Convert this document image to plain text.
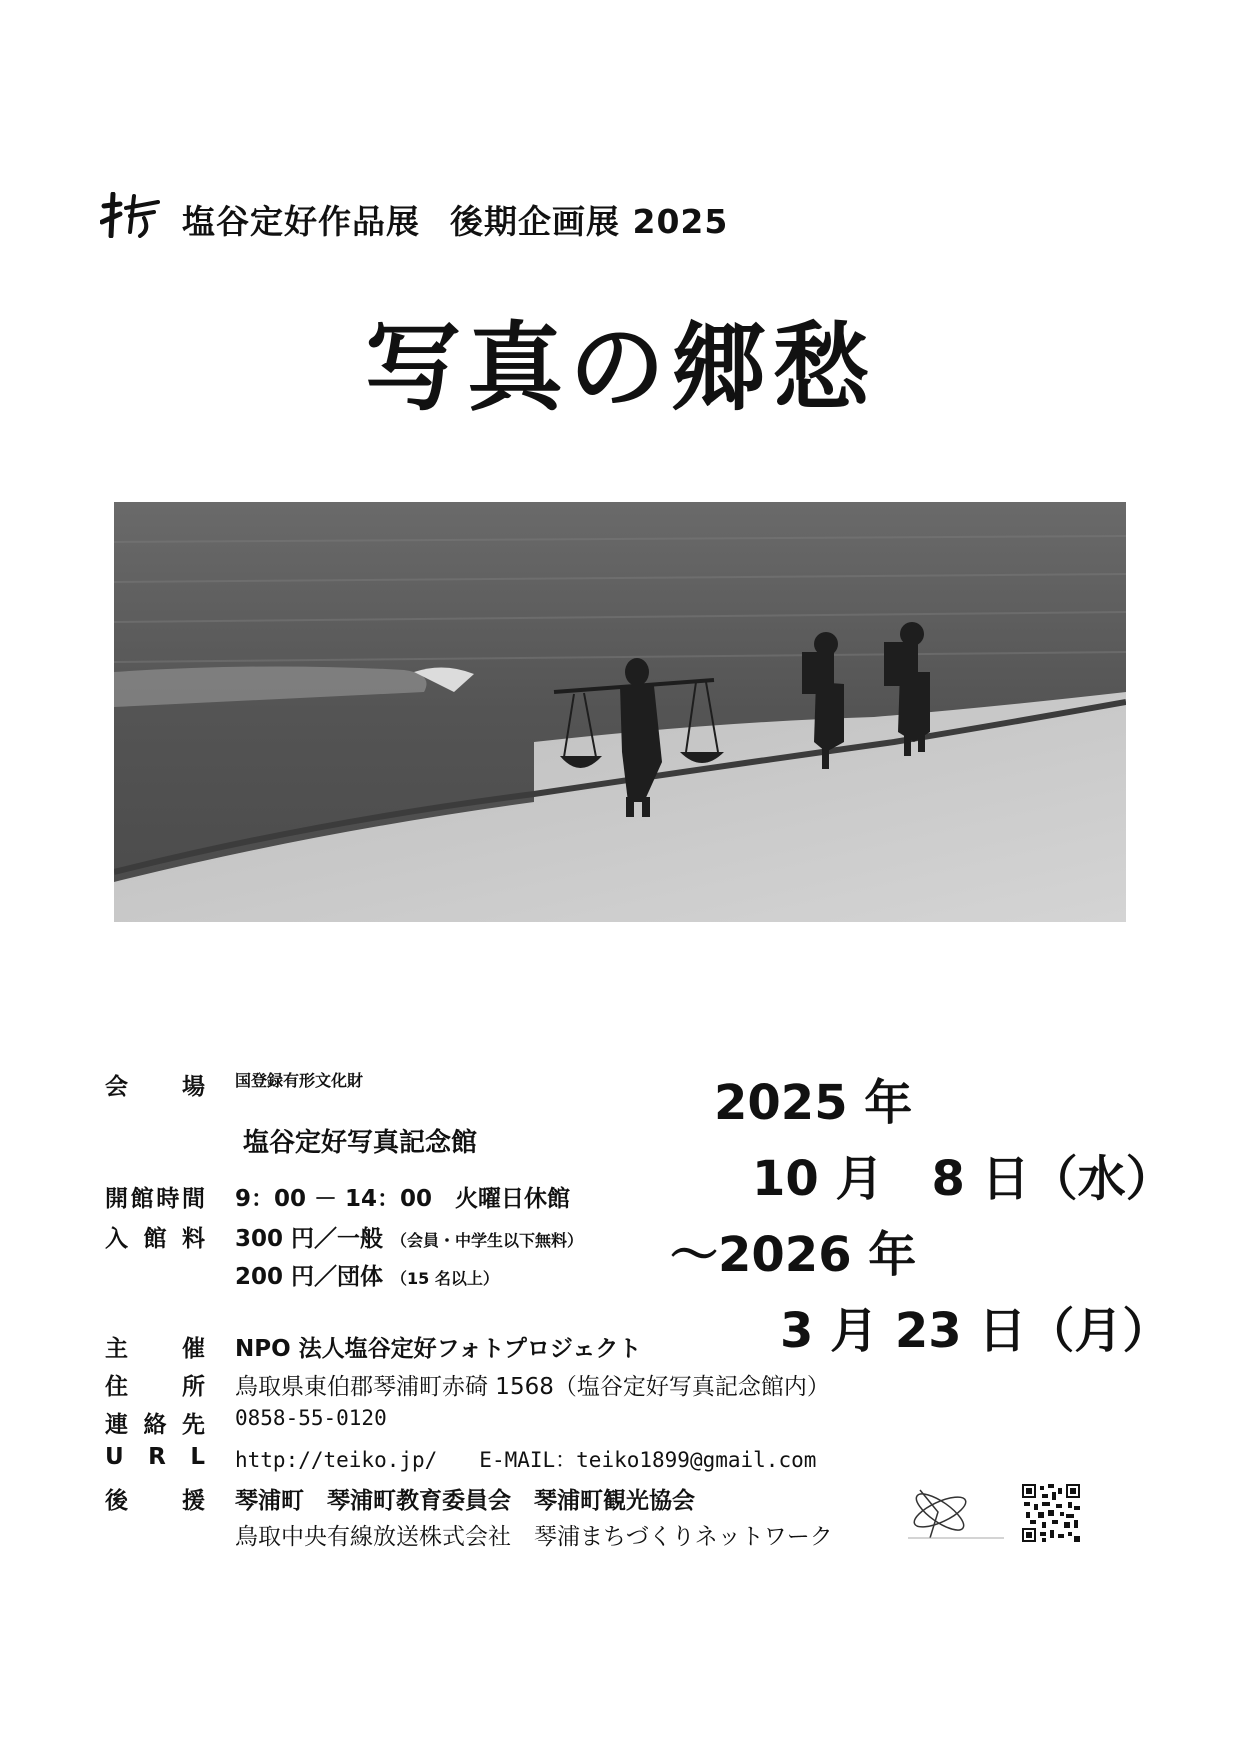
塩谷定好作品展 後期企画展 2025
写真の郷愁
会 場 国登録有形文化財
塩谷定好写真記念館
開 館 時 間 9：00 － 14：00　火曜日休館
入 館 料 300 円／一般 （会員・中学生以下無料）
200 円／団体 （15 名以上）
主 催 NPO 法人塩谷定好フォトプロジェクト
住 所 鳥取県東伯郡琴浦町赤碕 1568（塩谷定好写真記念館内）
連 絡 先 0858-55-0120
U R L http://teiko.jp/　　 E-MAIL：teiko1899@gmail.com
後 援 琴浦町　琴浦町教育委員会　琴浦町観光協会
鳥取中央有線放送株式会社　琴浦まちづくりネットワーク
2025 年
10 月　8 日（水）
～2026 年
3 月 23 日（月）
